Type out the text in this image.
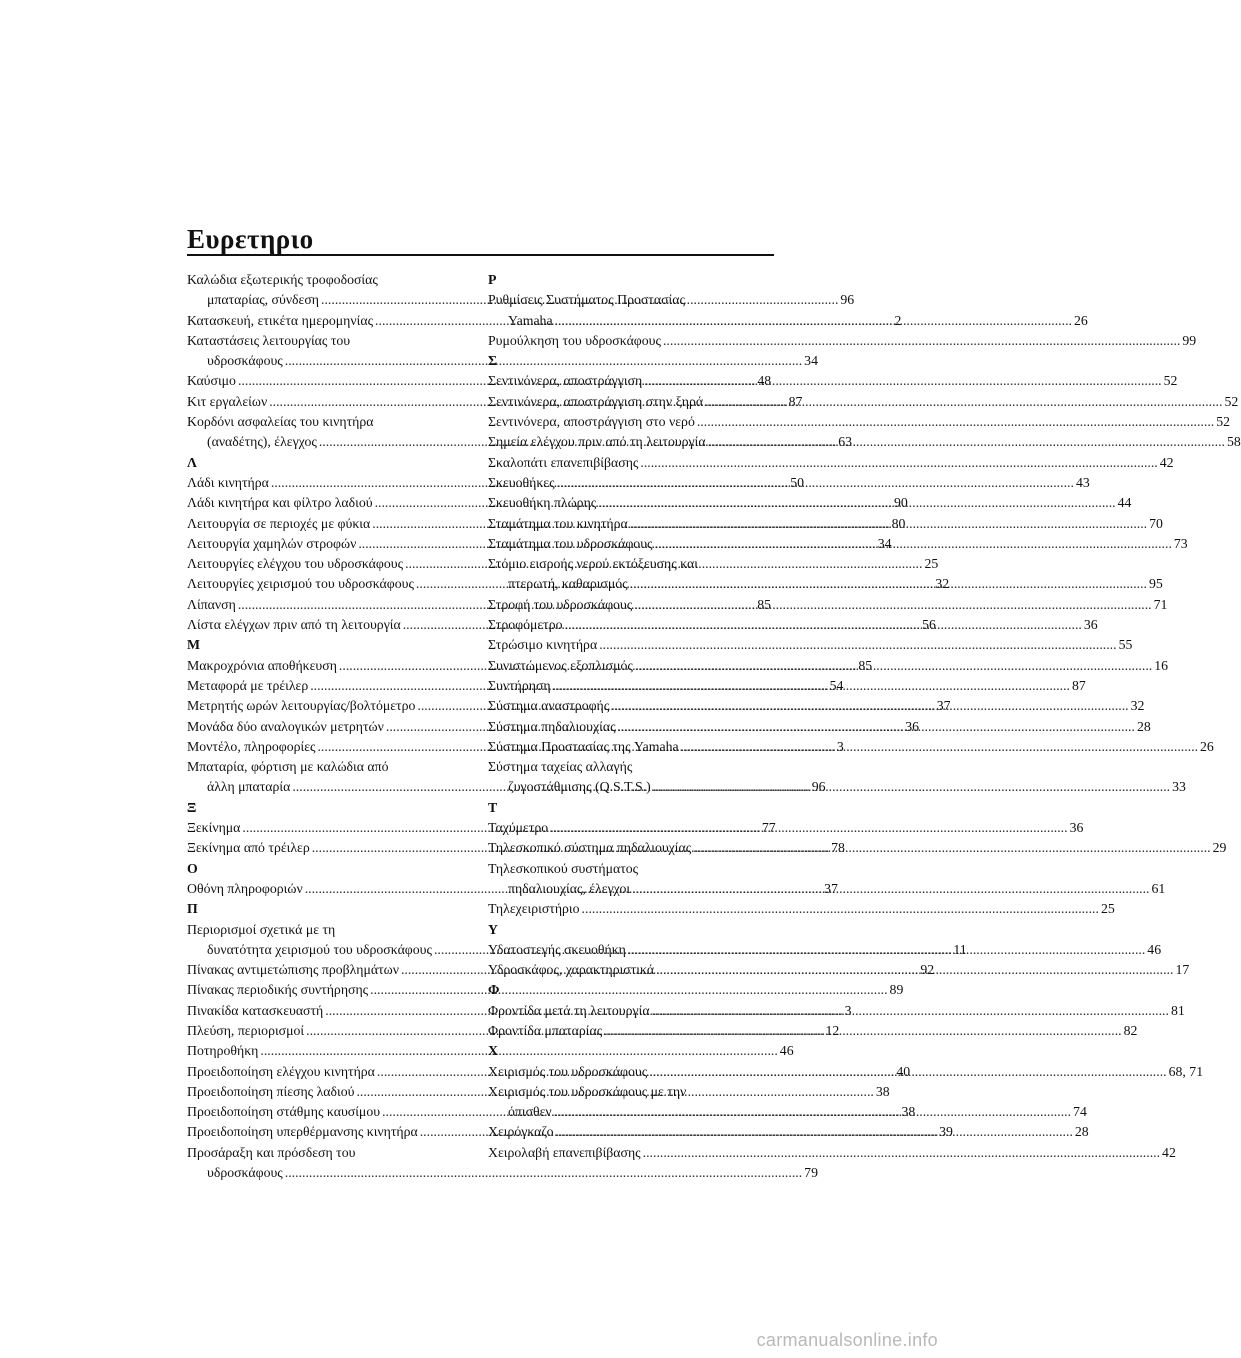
Ευρετηριο
Καλώδια εξωτερικής τροφοδοσίας
μπαταρίας, σύνδεση .....	96
Κατασκευή, ετικέτα ημερομηνίας .....	2
Καταστάσεις λειτουργίας του
υδροσκάφους .....	34
Καύσιμο .....	48
Κιτ εργαλείων .....	87
Κορδόνι ασφαλείας του κινητήρα
(αναδέτης), έλεγχος .....	63
Λ
Λάδι κινητήρα .....	50
Λάδι κινητήρα και φίλτρο λαδιού .....	90
Λειτουργία σε περιοχές με φύκια .....	80
Λειτουργία χαμηλών στροφών .....	34
Λειτουργίες ελέγχου του υδροσκάφους .....	25
Λειτουργίες χειρισμού του υδροσκάφους .....	32
Λίπανση .....	85
Λίστα ελέγχων πριν από τη λειτουργία .....	56
Μ
Μακροχρόνια αποθήκευση .....	85
Μεταφορά με τρέιλερ .....	54
Μετρητής ωρών λειτουργίας/βολτόμετρο .....	37
Μονάδα δύο αναλογικών μετρητών .....	36
Μοντέλο, πληροφορίες .....	3
Μπαταρία, φόρτιση με καλώδια από
άλλη μπαταρία .....	96
Ξ
Ξεκίνημα .....	77
Ξεκίνημα από τρέιλερ .....	78
Ο
Οθόνη πληροφοριών .....	37
Π
Περιορισμοί σχετικά με τη
δυνατότητα χειρισμού του υδροσκάφους .....	11
Πίνακας αντιμετώπισης προβλημάτων .....	92
Πίνακας περιοδικής συντήρησης .....	89
Πινακίδα κατασκευαστή .....	3
Πλεύση, περιορισμοί .....	12
Ποτηροθήκη .....	46
Προειδοποίηση ελέγχου κινητήρα .....	40
Προειδοποίηση πίεσης λαδιού .....	38
Προειδοποίηση στάθμης καυσίμου .....	38
Προειδοποίηση υπερθέρμανσης κινητήρα .....	39
Προσάραξη και πρόσδεση του
υδροσκάφους .....	79
Ρ
Ρυθμίσεις Συστήματος Προστασίας
Yamaha .....	26
Ρυμούλκηση του υδροσκάφους .....	99
Σ
Σεντινόνερα, αποστράγγιση .....	52
Σεντινόνερα, αποστράγγιση στην ξηρά .....	52
Σεντινόνερα, αποστράγγιση στο νερό .....	52
Σημεία ελέγχου πριν από τη λειτουργία .....	58
Σκαλοπάτι επανεπιβίβασης .....	42
Σκευοθήκες .....	43
Σκευοθήκη πλώρης .....	44
Σταμάτημα του κινητήρα .....	70
Σταμάτημα του υδροσκάφους .....	73
Στόμιο εισροής νερού εκτόξευσης και
πτερωτή, καθαρισμός .....	95
Στροφή του υδροσκάφους .....	71
Στροφόμετρο .....	36
Στρώσιμο κινητήρα .....	55
Συνιστώμενος εξοπλισμός .....	16
Συντήρηση .....	87
Σύστημα αναστροφής .....	32
Σύστημα πηδαλιουχίας .....	28
Σύστημα Προστασίας της Yamaha .....	26
Σύστημα ταχείας αλλαγής
ζυγοστάθμισης (Q.S.T.S.) .....	33
Τ
Ταχύμετρο .....	36
Τηλεσκοπικό σύστημα πηδαλιουχίας .....	29
Τηλεσκοπικού συστήματος
πηδαλιουχίας, έλεγχοι .....	61
Τηλεχειριστήριο .....	25
Υ
Υδατοστεγής σκευοθήκη .....	46
Υδροσκάφος, χαρακτηριστικά .....	17
Φ
Φροντίδα μετά τη λειτουργία .....	81
Φροντίδα μπαταρίας .....	82
Χ
Χειρισμός του υδροσκάφους .....	68, 71
Χειρισμός του υδροσκάφους με την
όπισθεν .....	74
Χειρόγκαζο .....	28
Χειρολαβή επανεπιβίβασης .....	42
carmanualsonline.info
